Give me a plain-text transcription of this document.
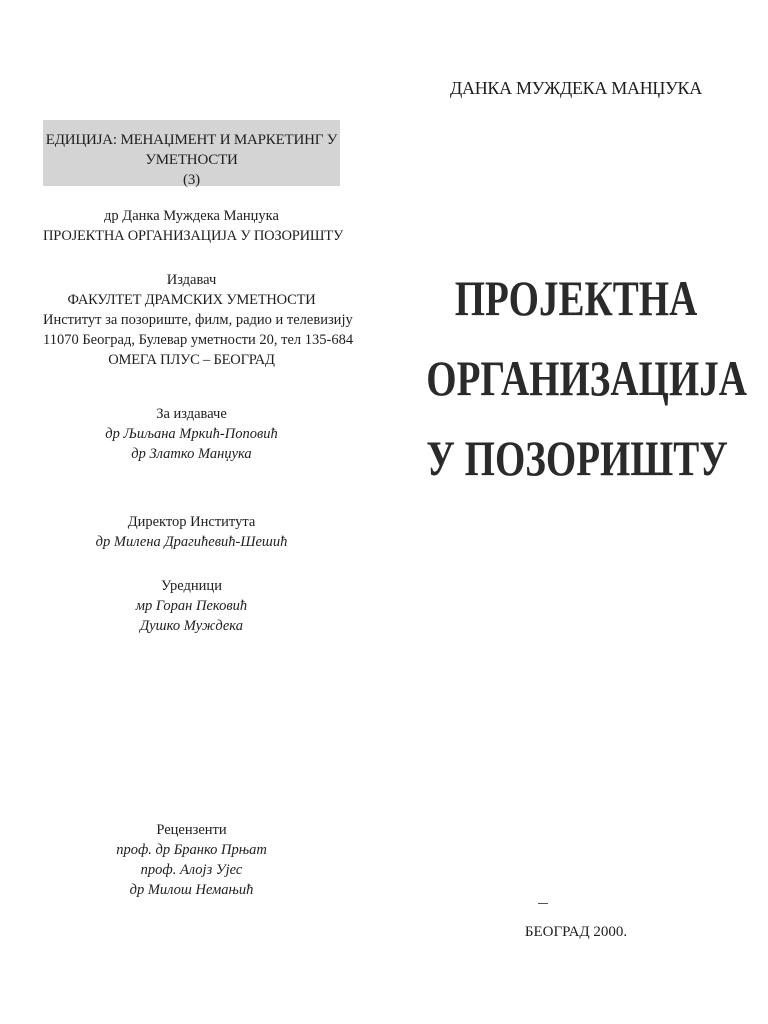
ЕДИЦИЈА: МЕНАЏМЕНТ И МАРКЕТИНГ У УМЕТНОСТИ
(3)
др Данка Муждека Манџука
ПРОЈЕКТНА ОРГАНИЗАЦИЈА У ПОЗОРИШТУ
Издавач
ФАКУЛТЕТ ДРАМСКИХ УМЕТНОСТИ
Институт за позориште, филм, радио и телевизију
11070 Београд, Булевар уметности 20, тел 135-684
ОМЕГА ПЛУС – БЕОГРАД
За издаваче
др Љиљана Мркић-Поповић
др Златко Манџука
Директор Института
др Милена Драгићевић-Шешић
Уредници
мр Горан Пековић
Душко Муждека
Рецензенти
проф. др Бранко Прњат
проф. Алојз Ујес
др Милош Немањић
ДАНКА МУЖДЕКА МАНЏУКА
ПРОЈЕКТНА
ОРГАНИЗАЦИЈА
У ПОЗОРИШТУ
БЕОГРАД 2000.
